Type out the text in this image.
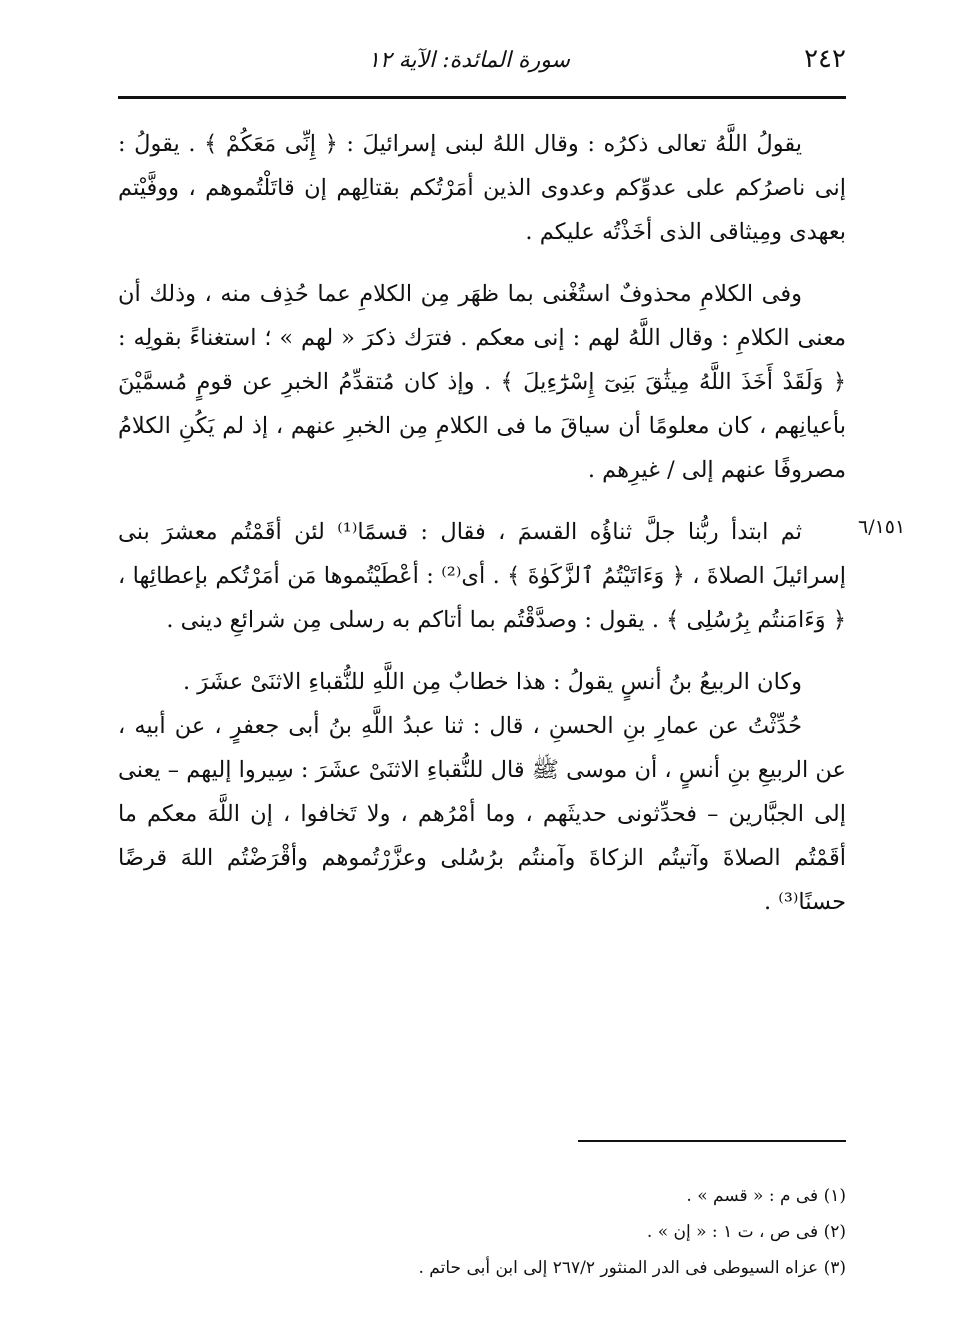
٢٤٢
سورة المائدة: الآية ١٢

يقولُ اللَّهُ تعالى ذكرُه : وقال اللهُ لبنى إسرائيلَ : ﴿ إِنِّى مَعَكُمْ ﴾ . يقولُ : إنى ناصرُكم على عدوِّكم وعدوى الذين أمَرْتُكم بقتالِهم إن قاتَلْتُموهم ، ووفَّيْتم بعهدى ومِيثاقى الذى أخَذْتُه عليكم .

وفى الكلامِ محذوفٌ استُغْنى بما ظهَر مِن الكلامِ عما حُذِف منه ، وذلك أن معنى الكلامِ : وقال اللَّهُ لهم : إنى معكم . فترَك ذكرَ « لهم » ؛ استغناءً بقولِه : ﴿ وَلَقَدْ أَخَذَ اللَّهُ مِيثَٰقَ بَنِىٓ إِسْرَٰٓءِيلَ ﴾ . وإذ كان مُتقدِّمُ الخبرِ عن قومٍ مُسمَّيْنَ بأعيانِهم ، كان معلومًا أن سياقَ ما فى الكلامِ مِن الخبرِ عنهم ، إذ لم يَكُنِ الكلامُ مصروفًا عنهم إلى / غيرِهم .

ثم ابتدأ ربُّنا جلَّ ثناؤُه القسمَ ، فقال : قسمًا⁽¹⁾ لئن أقَمْتُم معشرَ بنى إسرائيلَ الصلاةَ ، ﴿ وَءَاتَيْتُمُ ٱلزَّكَوٰةَ ﴾ . أى⁽²⁾ : أعْطَيْتُموها مَن أمَرْتُكم بإعطائِها ، ﴿ وَءَامَنتُم بِرُسُلِى ﴾ . يقول : وصدَّقْتُم بما أتاكم به رسلى مِن شرائعِ دينى .

وكان الربيعُ بنُ أنسٍ يقولُ : هذا خطابٌ مِن اللَّهِ للنُّقباءِ الاثنَىْ عشَرَ .

حُدِّثْتُ عن عمارِ بنِ الحسنِ ، قال : ثنا عبدُ اللَّهِ بنُ أبى جعفرٍ ، عن أبيه ، عن الربيعِ بنِ أنسٍ ، أن موسى ﷺ قال للنُّقباءِ الاثنَىْ عشَرَ : سِيروا إليهم – يعنى إلى الجبَّارين – فحدِّثونى حديثَهم ، وما أمْرُهم ، ولا تَخافوا ، إن اللَّهَ معكم ما أقَمْتُم الصلاةَ وآتيتُم الزكاةَ وآمنتُم برُسُلى وعزَّرْتُموهم وأقْرَضْتُم اللهَ قرضًا حسنًا⁽³⁾ .

٦/١٥١

(١) فى م : « قسم » .

(٢) فى ص ، ت ١ : « إن » .

(٣) عزاه السيوطى فى الدر المنثور ٢٦٧/٢ إلى ابن أبى حاتم .
